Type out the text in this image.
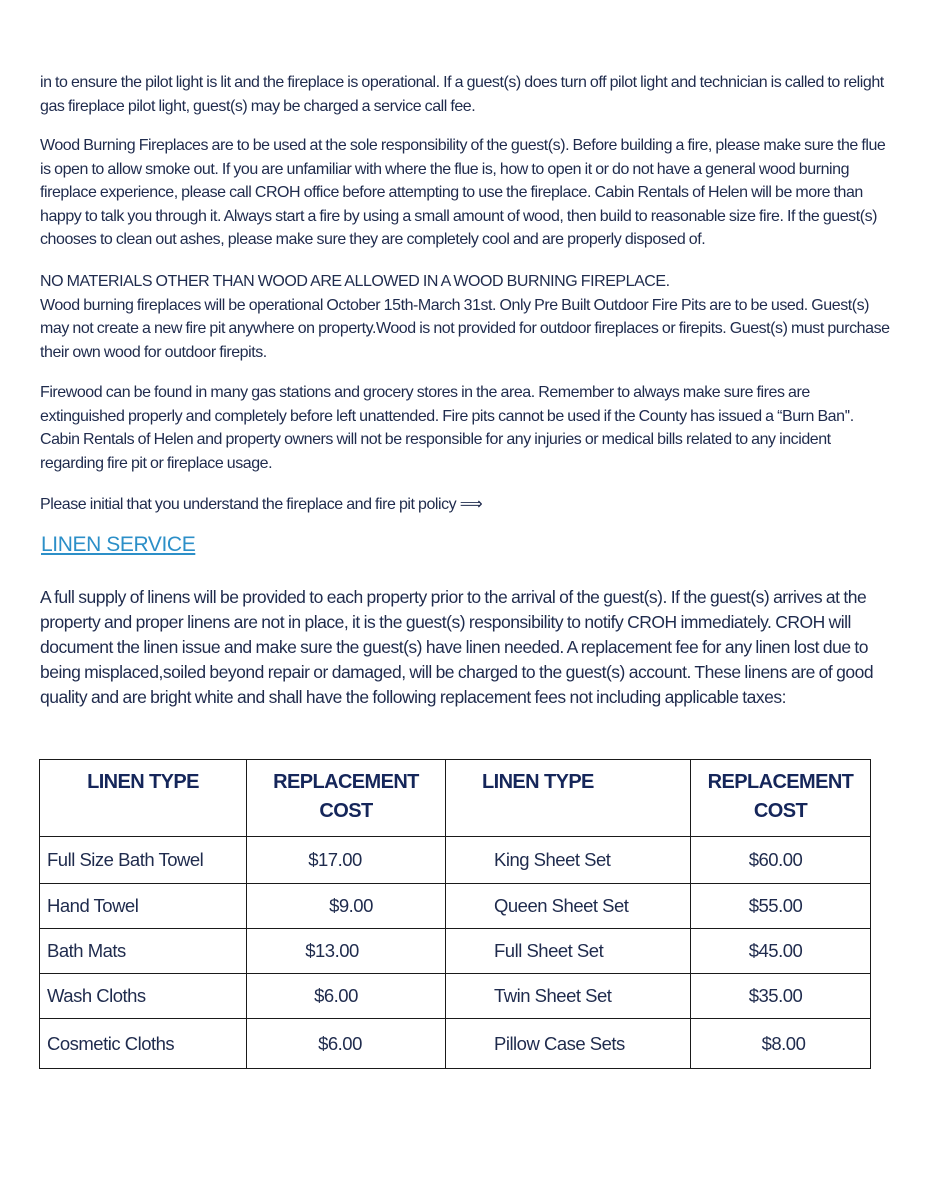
in to ensure the pilot light is lit and the fireplace is operational. If a guest(s) does turn off pilot light and technician is called to relight gas fireplace pilot light, guest(s) may be charged a service call fee.

Wood Burning Fireplaces are to be used at the sole responsibility of the guest(s). Before building a fire, please make sure the flue is open to allow smoke out. If you are unfamiliar with where the flue is, how to open it or do not have a general wood burning fireplace experience, please call CROH office before attempting to use the fireplace. Cabin Rentals of Helen will be more than happy to talk you through it. Always start a fire by using a small amount of wood, then build to reasonable size fire. If the guest(s) chooses to clean out ashes, please make sure they are completely cool and are properly disposed of.

NO MATERIALS OTHER THAN WOOD ARE ALLOWED IN A WOOD BURNING FIREPLACE.

Wood burning fireplaces will be operational October 15th-March 31st. Only Pre Built Outdoor Fire Pits are to be used. Guest(s) may not create a new fire pit anywhere on property.Wood is not provided for outdoor fireplaces or firepits. Guest(s) must purchase their own wood for outdoor firepits.

Firewood can be found in many gas stations and grocery stores in the area. Remember to always make sure fires are extinguished properly and completely before left unattended. Fire pits cannot be used if the County has issued a “Burn Ban''. Cabin Rentals of Helen and property owners will not be responsible for any injuries or medical bills related to any incident regarding fire pit or fireplace usage.

Please initial that you understand the fireplace and fire pit policy ⟹

LINEN SERVICE

A full supply of linens will be provided to each property prior to the arrival of the guest(s). If the guest(s) arrives at the property and proper linens are not in place, it is the guest(s) responsibility to notify CROH immediately. CROH will document the linen issue and make sure the guest(s) have linen needed. A replacement fee for any linen lost due to being misplaced,soiled beyond repair or damaged, will be charged to the guest(s) account. These linens are of good quality and are bright white and shall have the following replacement fees not including applicable taxes:

LINEN TYPE	REPLACEMENT COST	LINEN TYPE	REPLACEMENT COST
Full Size Bath Towel	$17.00	King Sheet Set	$60.00
Hand Towel	$9.00	Queen Sheet Set	$55.00
Bath Mats	$13.00	Full Sheet Set	$45.00
Wash Cloths	$6.00	Twin Sheet Set	$35.00
Cosmetic Cloths	$6.00	Pillow Case Sets	$8.00
